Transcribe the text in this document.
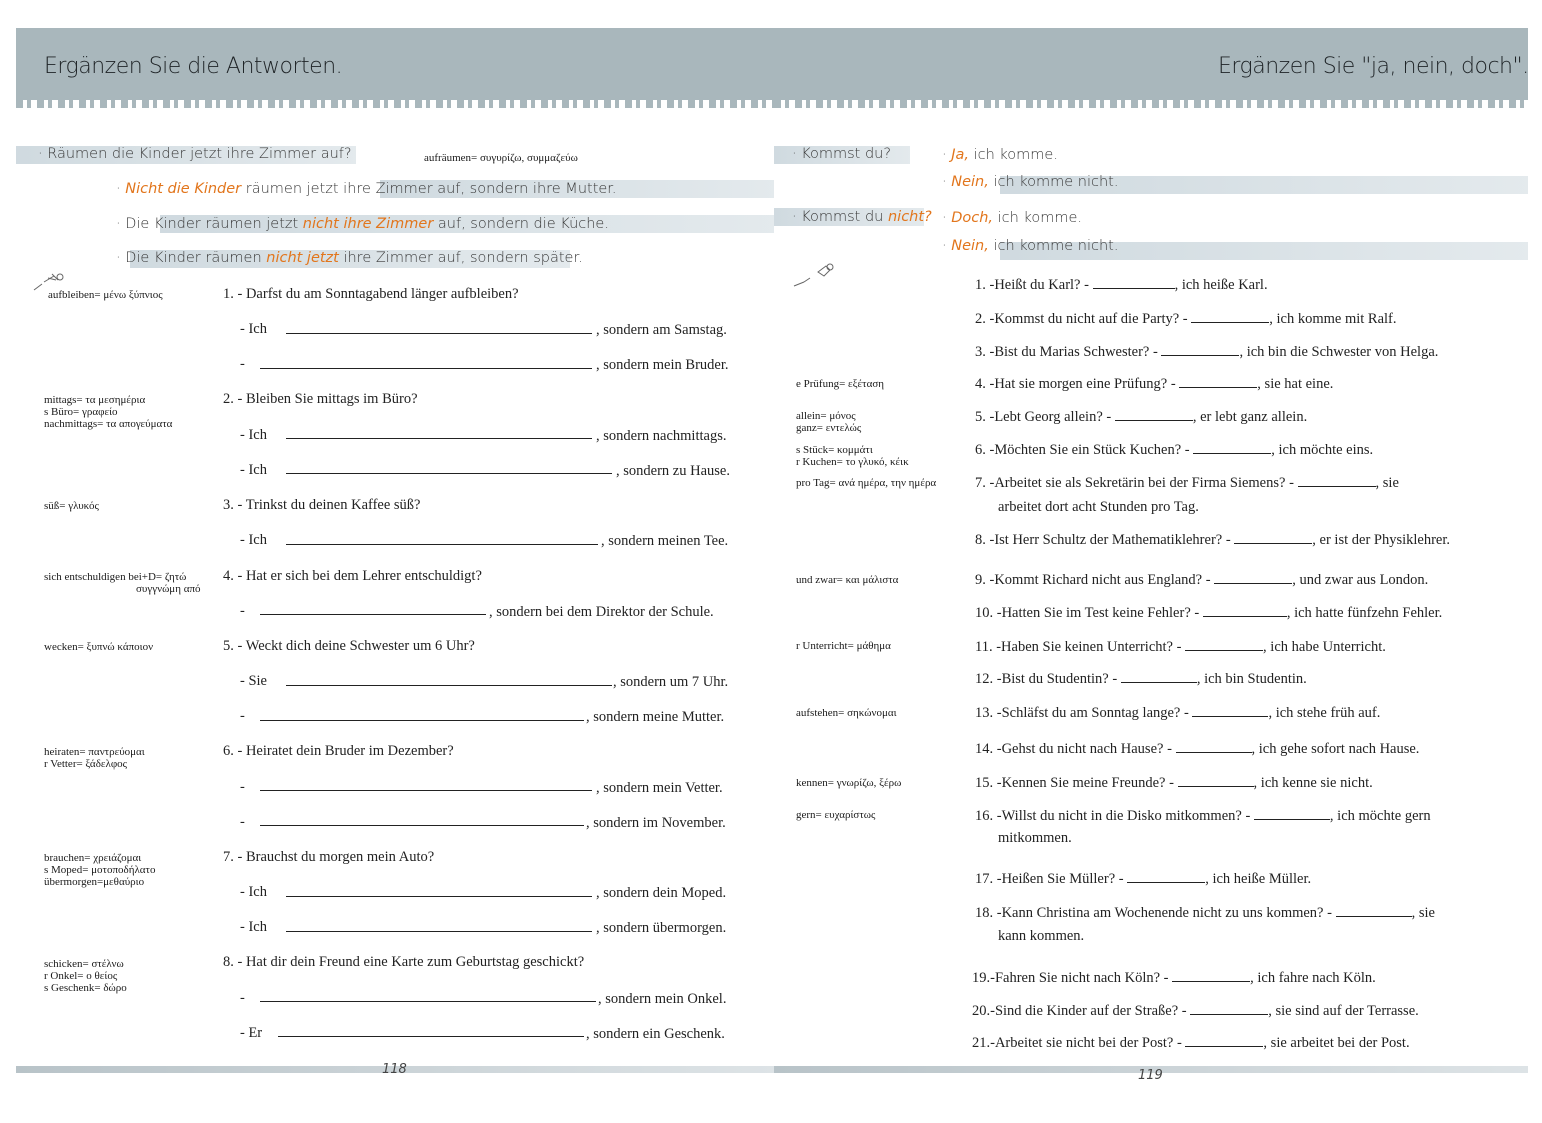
Ergänzen Sie die Antworten.
· Räumen die Kinder jetzt ihre Zimmer auf?	aufräumen= συγυρίζω, συμμαζεύω
· Nicht die Kinder räumen jetzt ihre Zimmer auf, sondern ihre Mutter.
· Die Kinder räumen jetzt nicht ihre Zimmer auf, sondern die Küche.
· Die Kinder räumen nicht jetzt ihre Zimmer auf, sondern später.
aufbleiben= μένω ξύπνιος
mittags= τα μεσημέρια
s Büro= γραφείο
nachmittags= τα απογεύματα
süß= γλυκός
sich entschuldigen bei+D= ζητώ
συγγνώμη από
wecken= ξυπνώ κάποιον
heiraten= παντρεύομαι
r Vetter= ξάδελφος
brauchen= χρειάζομαι
s Moped= μοτοποδήλατο
übermorgen=μεθαύριο
schicken= στέλνω
r Onkel= ο θείος
s Geschenk= δώρο
1. - Darfst du am Sonntagabend länger aufbleiben?
- Ich	, sondern am Samstag.
-	, sondern mein Bruder.
2. - Bleiben Sie mittags im Büro?
- Ich	, sondern nachmittags.
- Ich	, sondern zu Hause.
3. - Trinkst du deinen Kaffee süß?
- Ich	, sondern meinen Tee.
4. - Hat er sich bei dem Lehrer entschuldigt?
-	, sondern bei dem Direktor der Schule.
5. - Weckt dich deine Schwester um 6 Uhr?
- Sie	, sondern um 7 Uhr.
-	, sondern meine Mutter.
6. - Heiratet dein Bruder im Dezember?
-	, sondern mein Vetter.
-	, sondern im November.
7. - Brauchst du morgen mein Auto?
- Ich	, sondern dein Moped.
- Ich	, sondern übermorgen.
8. - Hat dir dein Freund eine Karte zum Geburtstag geschickt?
-	, sondern mein Onkel.
- Er	, sondern ein Geschenk.
118
Ergänzen Sie "ja, nein, doch".
· Kommst du?	· Ja, ich komme.
· Nein, ich komme nicht.
· Kommst du nicht? · Doch, ich komme.
· Nein, ich komme nicht.
e Prüfung= εξέταση
allein= μόνος
ganz= εντελώς
s Stück= κομμάτι
r Kuchen= το γλυκό, κέικ
pro Tag= ανά ημέρα, την ημέρα
und zwar= και μάλιστα
r Unterricht= μάθημα
aufstehen= σηκώνομαι
kennen= γνωρίζω, ξέρω
gern= ευχαρίστως
1. -Heißt du Karl? -	, ich heiße Karl.
2. -Kommst du nicht auf die Party? -	, ich komme mit Ralf.
3. -Bist du Marias Schwester? -	, ich bin die Schwester von Helga.
4. -Hat sie morgen eine Prüfung? -	, sie hat eine.
5. -Lebt Georg allein? -	, er lebt ganz allein.
6. -Möchten Sie ein Stück Kuchen? -	, ich möchte eins.
7. -Arbeitet sie als Sekretärin bei der Firma Siemens? -	, sie
arbeitet dort acht Stunden pro Tag.
8. -Ist Herr Schultz der Mathematiklehrer? -	, er ist der Physiklehrer.
9. -Kommt Richard nicht aus England? -	, und zwar aus London.
10. -Hatten Sie im Test keine Fehler? -	, ich hatte fünfzehn Fehler.
11. -Haben Sie keinen Unterricht? -	, ich habe Unterricht.
12. -Bist du Studentin? -	, ich bin Studentin.
13. -Schläfst du am Sonntag lange? -	, ich stehe früh auf.
14. -Gehst du nicht nach Hause? -	, ich gehe sofort nach Hause.
15. -Kennen Sie meine Freunde? -	, ich kenne sie nicht.
16. -Willst du nicht in die Disko mitkommen? -	, ich möchte gern
mitkommen.
17. -Heißen Sie Müller? -	, ich heiße Müller.
18. -Kann Christina am Wochenende nicht zu uns kommen? -	, sie
kann kommen.
19.-Fahren Sie nicht nach Köln? -	, ich fahre nach Köln.
20.-Sind die Kinder auf der Straße? -	, sie sind auf der Terrasse.
21.-Arbeitet sie nicht bei der Post? -	, sie arbeitet bei der Post.
119
